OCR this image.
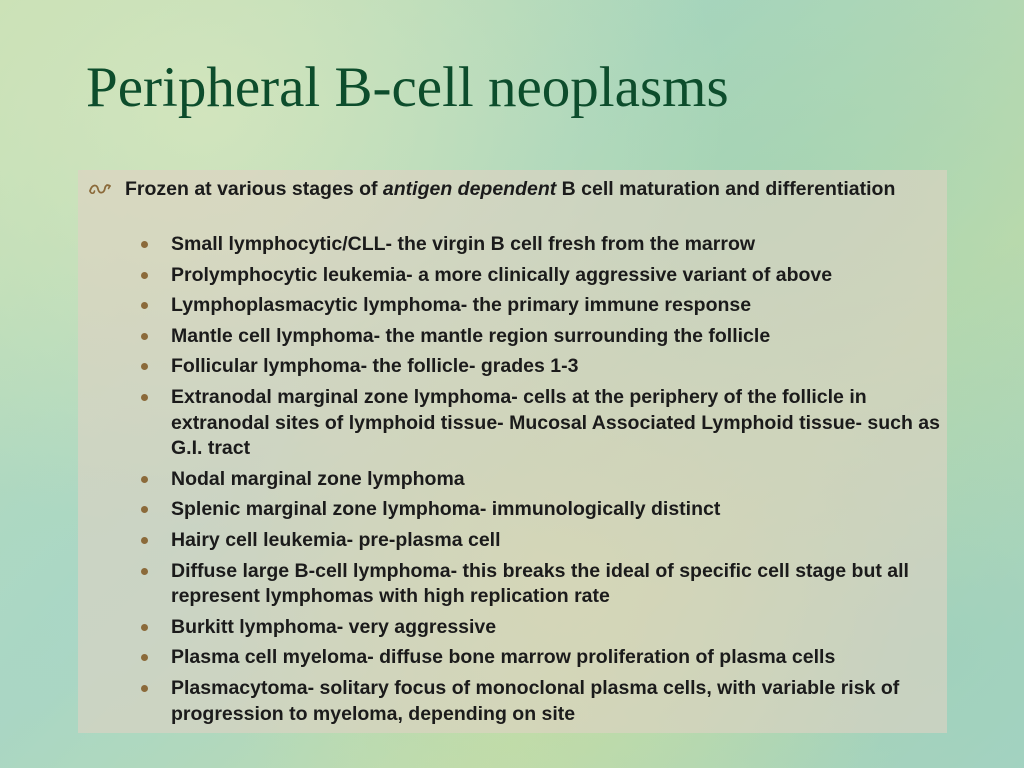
Peripheral B-cell neoplasms
Frozen at various stages of antigen dependent B cell maturation and differentiation
Small lymphocytic/CLL- the virgin B cell fresh from the marrow
Prolymphocytic leukemia- a more clinically aggressive variant of above
Lymphoplasmacytic lymphoma- the primary immune response
Mantle cell lymphoma- the mantle region surrounding the follicle
Follicular lymphoma- the follicle- grades 1-3
Extranodal marginal zone lymphoma- cells at the periphery of the follicle in extranodal sites of lymphoid tissue- Mucosal Associated Lymphoid tissue- such as G.I. tract
Nodal marginal zone lymphoma
Splenic marginal zone lymphoma- immunologically distinct
Hairy cell leukemia- pre-plasma cell
Diffuse large B-cell lymphoma- this breaks the ideal of specific cell stage but all represent lymphomas with high replication rate
Burkitt lymphoma- very aggressive
Plasma cell myeloma- diffuse bone marrow proliferation of plasma cells
Plasmacytoma- solitary focus of monoclonal plasma cells, with variable risk of progression to myeloma, depending on site
